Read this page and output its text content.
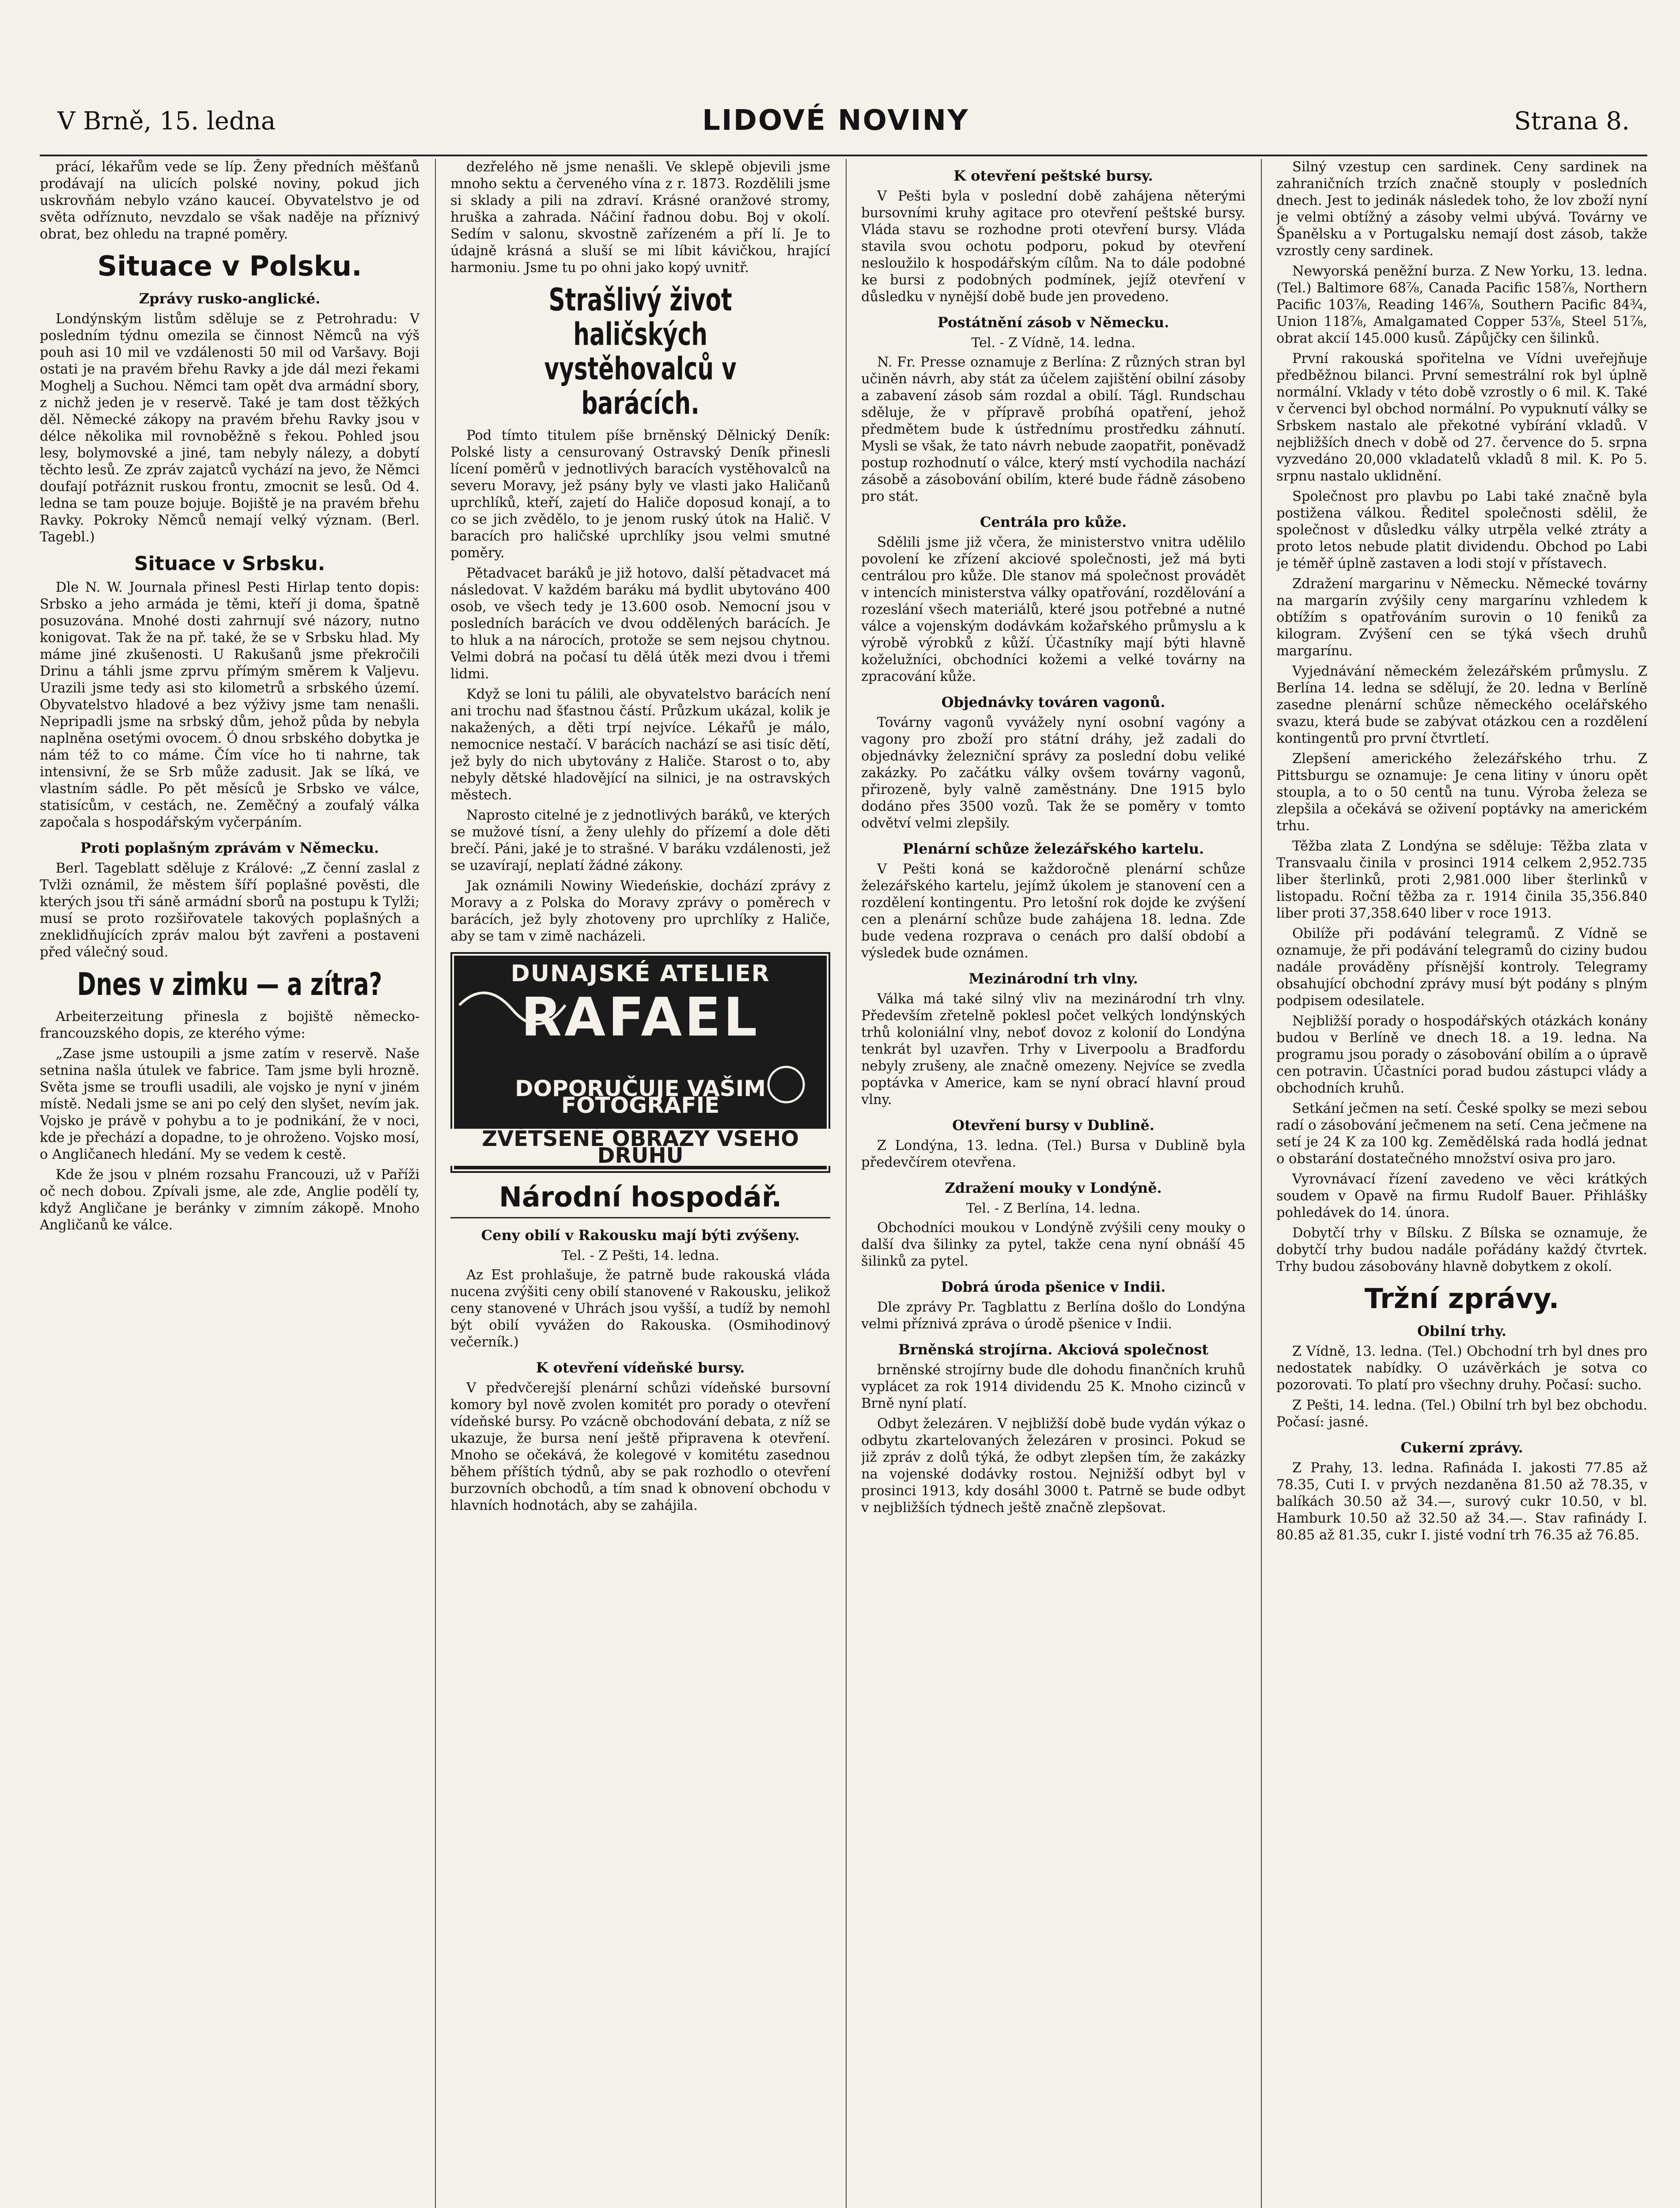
V Brně, 15. ledna	LIDOVÉ NOVINY	Strana 8.

prácí, lékařům vede se líp. Ženy předních měšťanů prodávají na ulicích polské noviny, pokud jich uskrovňám nebylo vzáno kauceí. Obyvatelstvo je od světa odříznuto, nevzdalo se však naděje na příznivý obrat, bez ohledu na trapné poměry.

Situace v Polsku.
Zprávy rusko-anglické.

Londýnským listům sdělujе se z Petrohradu: V posledním týdnu omezila se činnost Němců na výš pouh asi 10 mil ve vzdálenosti 50 mil od Varšavy. Boji ostati je na pravém břehu Ravky a jde dál mezi řekami Moghelj a Suchou. Němci tam opět dva armádní sbory, z nichž jeden je v reservě. Také je tam dost těžkých děl. Německé zákopy na pravém břehu Ravky jsou v délce několika mil rovnoběžně s řekou. Pohled jsou lesy, bolymovské a jiné, tam nebyly nálezy, a dobytí těchto lesů. Ze zpráv zajatců vychází na jevo, že Němci doufají potřáznit ruskou frontu, zmocnit se lesů. Od 4. ledna se tam pouze bojuje. Bojiště je na pravém břehu Ravky. Pokroky Němců nemají velký význam. (Berl. Tagebl.)

Situace v Srbsku.

Dle N. W. Journala přinesl Pesti Hirlap tento dopis: Srbsko a jeho armáda je těmi, kteří ji doma, špatně posuzována. Mnohé dosti zahrnují své názory, nutno konigovat. Tak že na př. také, že se v Srbsku hlad. My máme jiné zkušenosti. U Rakušanů jsme překročili Drinu a táhli jsme zprvu přímým směrem k Valjevu. Urazili jsme tedy asi sto kilometrů a srbského území. Obyvatelstvo hladové a bez výživy jsme tam nenašli. Nepripadli jsme na srbský dům, jehož půda by nebyla naplněna osetými ovocem. Ó dnou srbského dobytka je nám též to co mámе. Čím více ho ti nahrne, tak intensivní, že se Srb může zadusit. Jak se líká, ve vlastním sádle. Po pět měsíců je Srbsko ve válce, statisícům, v cestách, ne. Zeměčný a zoufalý válka započala s hospodářským vyčerpáním.

Proti poplašným zprávám v Německu.

Berl. Tageblatt sděluje z Králové: „Z čenní zaslal z Tvlži oznámil, že městem šíří poplašné pověsti, dle kterých jsou tři sáně armádní sborů na postupu k Tylži; musí se proto rozšiřovatele takových poplašných a zneklidňujících zpráv malou být zavřeni a postaveni před válečný soud.

Dnes v zimku — a zítra?

Arbeiterzeitung přinesla z bojiště německo-francouzského dopis, ze kterého výme:

„Zase jsme ustoupili a jsme zatím v reservě. Naše setnina našla útulek ve fabrice. Tam jsme byli hrozně. Světa jsme se troufli usadili, ale vojsko je nyní v jiném místě. Nedali jsme se ani po celý den slyšet, nevím jak. Vojsko je právě v pohybu a to je podnikání, že v noci, kde je přechází a dopadne, to je ohroženo. Vojsko mosí, o Angličanech hledání. My se vedem k cestě.

Kde že jsou v plném rozsahu Francouzi, už v Paříži oč nech dobou. Zpívali jsme, ale zde, Anglie podělí ty, když Angličane je beránky v zimním zákopě. Mnoho Angličanů ke válce.

dezřelého ně jsme nenašli. Ve sklepě objevili jsme mnoho sektu a červeného vína z r. 1873. Rozdělili jsme si sklady a pili na zdraví. Krásné oranžové stromy, hruška a zahrada. Náčiní řadnou dobu. Boj v okolí. Sedím v salonu, skvostně zařízeném a pří lí. Je to údajně krásná a sluší se mi líbit kávičkou, hrající harmoniu. Jsme tu po ohni jako kopý uvnitř.

Strašlivý život haličských vystěhovalců v barácích.

Pod tímto titulem píše brněnský Dělnický Deník: Polské listy a censurovaný Ostravský Deník přinesli lícení poměrů v jednotlivých baracích vystěhovalců na severu Moravy, jež psány byly ve vlasti jako Haličanů uprchlíků, kteří, zajetí do Haliče doposud konají, a to co se jich zvědělo, to je jenom ruský útok na Halič. V baracích pro haličské uprchlíky jsou velmi smutné poměry.

Pětadvacet baráků je již hotovo, další pětadvacet má následovat. V každém baráku má bydlit ubytováno 400 osob, ve všech tedy je 13.600 osob. Nemocní jsou v posledních barácích ve dvou oddělených barácích. Je to hluk a na nárocích, protože se sem nejsou chytnou. Velmi dobrá na počasí tu dělá útěk mezi dvou i třemi lidmi.

Když se loni tu pálili, ale obyvatelstvo barácích není ani trochu nad šťastnou částí. Průzkum ukázal, kolik je nakažených, a děti trpí nejvíce. Lékařů je málo, nemocnice nestačí. V barácích nachází se asi tisíc dětí, jež byly do nich ubytovány z Haliče. Starost o to, aby nebyly dětské hladovějící na silnici, je na ostravských městech.

Naprosto citelné je z jednotlivých baráků, ve kterých se mužové tísní, a ženy ulehly do přízemí a dole děti brečí. Páni, jaké je to strašné. V baráku vzdálenosti, jež se uzavírají, neplatí žádné zákony.

Jak oznámili Nowiny Wiedeńskie, dochází zprávy z Moravy a z Polska do Moravy zprávy o poměrech v barácích, jež byly zhotoveny pro uprchlíky z Haliče, aby se tam v zimě nacházeli.

DUNAJSKÉ ATELIER
RAFAEL
DOPORUČUJE VAŠIM FOTOGRAFIE
ZVĚTŠENÉ OBRAZY VŠEHO DRUHU
Národní hospodář.
Ceny obilí v Rakousku mají býti zvýšeny.
Tel. - Z Pešti, 14. ledna.

Az Est prohlašuje, že patrně bude rakouská vláda nucena zvýšiti ceny obilí stanovené v Rakousku, jelikož ceny stanovené v Uhrách jsou vyšší, a tudíž by nemohl být obilí vyvážen do Rakouska. (Osmihodinový večerník.)

K otevření vídeňské bursy.

V předvčerejší plenární schůzi vídeňské bursovní komory byl nově zvolen komitét pro porady o otevření vídeňské bursy. Po vzácně obchodování debata, z níž se ukazuje, že bursa není ještě připravena k otevření. Mnoho se očekává, že kolegové v komitétu zasednou během příštích týdnů, aby se pak rozhodlo o otevření burzovních obchodů, a tím snad k obnovení obchodu v hlavních hodnotách, aby se zahájila.

K otevření peštské bursy.

V Pešti byla v poslední době zahájena něterými bursovními kruhy agitace pro otevření peštské bursy. Vláda stavu se rozhodne proti otevření bursy. Vláda stavila svou ochotu podporu, pokud by otevření nesloužilo k hospodářským cílům. Na to dále podobné ke bursi z podobných podmínek, jejíž otevření v důsledku v nynější době bude jen provedeno.

Postátnění zásob v Německu.
Tel. - Z Vídně, 14. ledna.

N. Fr. Presse oznamuje z Berlína: Z různých stran byl učiněn návrh, aby stát za účelem zajištění obilní zásoby a zabavení zásob sám rozdal a obilí. Tágl. Rundschau sděluje, že v přípravě probíhá opatření, jehož předmětem bude k ústřednímu prostředku záhnutí. Mysli se však, že tato návrh nebude zaopatřit, poněvadž postup rozhodnutí o válce, který mstí vychodila nachází zásobě a zásobování obilím, které bude řádně zásobeno pro stát.

Centrála pro kůže.

Sdělili jsme již včera, že ministerstvo vnitra udělilo povolení ke zřízení akciové společnosti, jež má byti centrálou pro kůže. Dle stanov má společnost provádět v intencích ministerstva války opatřování, rozdělování a rozeslání všech materiálů, které jsou potřebné a nutné válce a vojenským dodávkám kožařského průmyslu a k výrobě výrobků z kůží. Účastníky mají býti hlavně koželužníci, obchodníci kožemi a velké továrny na zpracování kůže.

Objednávky továren vagonů.

Továrny vagonů vyvážely nyní osobní vagóny a vagony pro zboží pro státní dráhy, jež zadali do objednávky železniční správy za poslední dobu veliké zakázky. Po začátku války ovšem továrny vagonů, přirozeně, byly valně zaměstnány. Dne 1915 bylo dodáno přes 3500 vozů. Tak že se poměry v tomto odvětví velmi zlepšily.

Plenární schůze železářského kartelu.

V Pešti koná se každoročně plenární schůze železářského kartelu, jejímž úkolem je stanovení cen a rozdělení kontingentu. Pro letošní rok dojde ke zvýšení cen a plenární schůze bude zahájena 18. ledna. Zde bude vedena rozprava o cenách pro další období a výsledek bude oznámen.

Mezinárodní trh vlny.

Válka má také silný vliv na mezinárodní trh vlny. Především zřetelně poklesl počet velkých londýnských trhů koloniální vlny, neboť dovoz z kolonií do Londýna tenkrát byl uzavřen. Trhy v Liverpoolu a Bradfordu nebyly zrušeny, ale značně omezeny. Nejvíce se zvedla poptávka v Americe, kam se nyní obrací hlavní proud vlny.

Otevření bursy v Dublině.

Z Londýna, 13. ledna. (Tel.) Bursa v Dublině byla předevčírem otevřena.

Zdražení mouky v Londýně.
Tel. - Z Berlína, 14. ledna.

Obchodníci moukou v Londýně zvýšili ceny mouky o další dva šilinky za pytel, takže cena nyní obnáší 45 šilinků za pytel.

Dobrá úroda pšenice v Indii.

Dle zprávy Pr. Tagblattu z Berlína došlo do Londýna velmi příznivá zpráva o úrodě pšenice v Indii.

Brněnská strojírna. Akciová společnost

brněnské strojírny bude dle dohodu finančních kruhů vyplácet za rok 1914 dividendu 25 K. Mnoho cizinců v Brně nyní platí.

Odbyt železáren. V nejbližší době bude vydán výkaz o odbytu zkartelovaných železáren v prosinci. Pokud se již zpráv z dolů týká, že odbyt zlepšen tím, že zakázky na vojenské dodávky rostou. Nejnižší odbyt byl v prosinci 1913, kdy dosáhl 3000 t. Patrně se bude odbyt v nejbližších týdnech ještě značně zlepšovat.

Silný vzestup cen sardinek. Ceny sardinek na zahraničních trzích značně stouply v posledních dnech. Jest to jedinák následek toho, že lov zboží nyní je velmi obtížný a zásoby velmi ubývá. Továrny ve Španělsku a v Portugalsku nemají dost zásob, takže vzrostly ceny sardinek.

Newyorská peněžní burza. Z New Yorku, 13. ledna. (Tel.) Baltimore 68⅞, Canada Pacific 158⅞, Northern Pacific 103⅞, Reading 146⅞, Southern Pacific 84¾, Union 118⅞, Amalgamated Copper 53⅞, Steel 51⅞, obrat akcií 145.000 kusů. Zápůjčky cen šilinků.

První rakouská spořitelna ve Vídni uveřejňuje předběžnou bilanci. První semestrální rok byl úplně normální. Vklady v této době vzrostly o 6 mil. K. Také v červenci byl obchod normální. Po vypuknutí války se Srbskem nastalo ale překotné vybírání vkladů. V nejbližších dnech v době od 27. července do 5. srpna vyzvedáno 20,000 vkladatelů vkladů 8 mil. K. Po 5. srpnu nastalo uklidnění.

Společnost pro plavbu po Labi také značně byla postižena válkou. Ředitel společnosti sdělil, že společnost v důsledku války utrpěla velké ztráty a proto letos nebude platit dividendu. Obchod po Labi je téměř úplně zastaven a lodi stojí v přístavech.

Zdražení margarinu v Německu. Německé továrny na margarín zvýšily ceny margarínu vzhledem k obtížím s opatřováním surovin o 10 feniků za kilogram. Zvýšení cen se týká všech druhů margarínu.

Vyjednávání německém železářském průmyslu. Z Berlína 14. ledna se sdělují, že 20. ledna v Berlíně zasedne plenární schůze německého ocelářského svazu, která bude se zabývat otázkou cen a rozdělení kontingentů pro první čtvrtletí.

Zlepšení amerického železářského trhu. Z Pittsburgu se oznamuje: Je cena litiny v únoru opět stoupla, a to o 50 centů na tunu. Výroba železa se zlepšila a očekává se oživení poptávky na americkém trhu.

Těžba zlata Z Londýna se sděluje: Těžba zlata v Transvaalu činila v prosinci 1914 celkem 2,952.735 liber šterlinků, proti 2,981.000 liber šterlinků v listopadu. Roční těžba za r. 1914 činila 35,356.840 liber proti 37,358.640 liber v roce 1913.

Obilíže při podávání telegramů. Z Vídně se oznamuje, že při podávání telegramů do ciziny budou nadále prováděny přísnější kontroly. Telegramy obsahující obchodní zprávy musí být podány s plným podpisem odesilatele.

Nejbližší porady o hospodářských otázkách konány budou v Berlíně ve dnech 18. a 19. ledna. Na programu jsou porady o zásobování obilím a o úpravě cen potravin. Účastníci porad budou zástupci vlády a obchodních kruhů.

Setkání ječmen na setí. České spolky se mezi sebou radí o zásobování ječmenem na setí. Cena ječmene na setí je 24 K za 100 kg. Zemědělská rada hodlá jednat o obstarání dostatečného množství osiva pro jaro.

Vyrovnávací řízení zavedeno ve věci krátkých soudem v Opavě na firmu Rudolf Bauer. Přihlášky pohledávek do 14. února.

Dobytčí trhy v Bílsku. Z Bílska se oznamuje, že dobytčí trhy budou nadále pořádány každý čtvrtek. Trhy budou zásobovány hlavně dobytkem z okolí.

Tržní zprávy.
Obilní trhy.

Z Vídně, 13. ledna. (Tel.) Obchodní trh byl dnes pro nedostatek nabídky. O uzávěrkách je sotva co pozorovati. To platí pro všechny druhy. Počasí: sucho.

Z Pešti, 14. ledna. (Tel.) Obilní trh byl bez obchodu. Počasí: jasné.

Cukerní zprávy.

Z Prahy, 13. ledna. Rafináda I. jakosti 77.85 až 78.35, Cuti I. v prvých nezdaněna 81.50 až 78.35, v balíkách 30.50 až 34.—, surový cukr 10.50, v bl. Hamburk 10.50 až 32.50 až 34.—. Stav rafinády I. 80.85 až 81.35, cukr I. jisté vodní trh 76.35 až 76.85.
